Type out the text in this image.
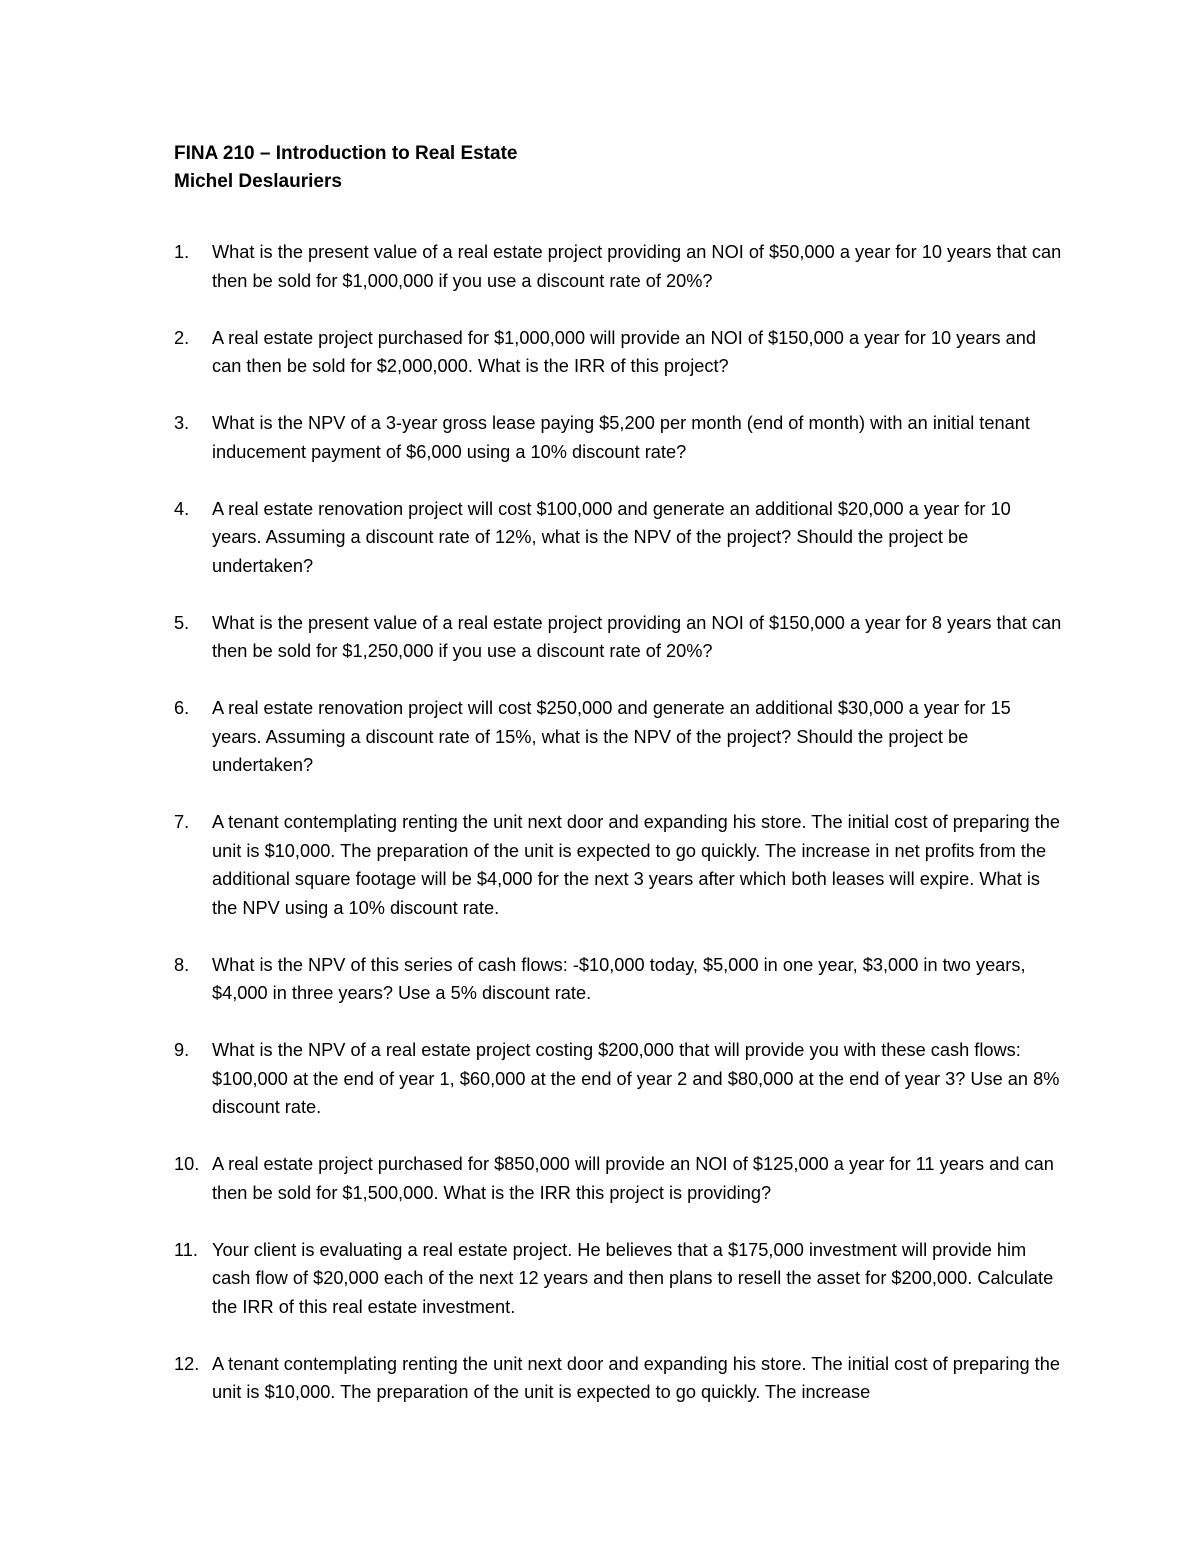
FINA 210 – Introduction to Real Estate
Michel Deslauriers
1.	What is the present value of a real estate project providing an NOI of $50,000 a year for 10 years that can then be sold for $1,000,000 if you use a discount rate of 20%?
2.	A real estate project purchased for $1,000,000 will provide an NOI of $150,000 a year for 10 years and can then be sold for $2,000,000. What is the IRR of this project?
3.	What is the NPV of a 3-year gross lease paying $5,200 per month (end of month) with an initial tenant inducement payment of $6,000 using a 10% discount rate?
4.	A real estate renovation project will cost $100,000 and generate an additional $20,000 a year for 10 years. Assuming a discount rate of 12%, what is the NPV of the project? Should the project be undertaken?
5.	What is the present value of a real estate project providing an NOI of $150,000 a year for 8 years that can then be sold for $1,250,000 if you use a discount rate of 20%?
6.	A real estate renovation project will cost $250,000 and generate an additional $30,000 a year for 15 years. Assuming a discount rate of 15%, what is the NPV of the project? Should the project be undertaken?
7.	A tenant contemplating renting the unit next door and expanding his store. The initial cost of preparing the unit is $10,000. The preparation of the unit is expected to go quickly. The increase in net profits from the additional square footage will be $4,000 for the next 3 years after which both leases will expire. What is the NPV using a 10% discount rate.
8.	What is the NPV of this series of cash flows: -$10,000 today, $5,000 in one year, $3,000 in two years, $4,000 in three years? Use a 5% discount rate.
9.	What is the NPV of a real estate project costing $200,000 that will provide you with these cash flows: $100,000 at the end of year 1, $60,000 at the end of year 2 and $80,000 at the end of year 3? Use an 8% discount rate.
10. A real estate project purchased for $850,000 will provide an NOI of $125,000 a year for 11 years and can then be sold for $1,500,000. What is the IRR this project is providing?
11. Your client is evaluating a real estate project. He believes that a $175,000 investment will provide him cash flow of $20,000 each of the next 12 years and then plans to resell the asset for $200,000. Calculate the IRR of this real estate investment.
12. A tenant contemplating renting the unit next door and expanding his store. The initial cost of preparing the unit is $10,000. The preparation of the unit is expected to go quickly. The increase
